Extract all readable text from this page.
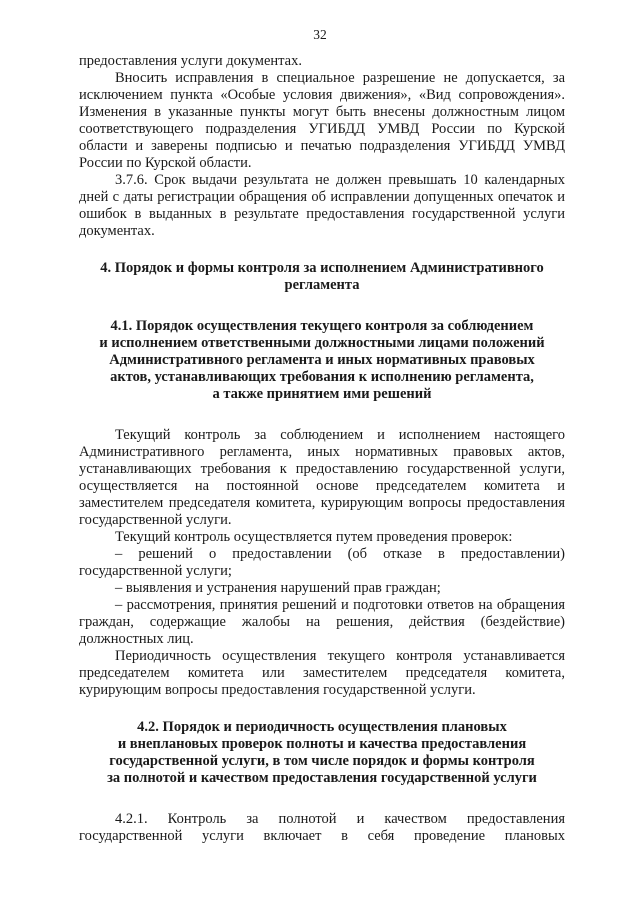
32

предоставления услуги документах.

Вносить исправления в специальное разрешение не допускается, за исключением пункта «Особые условия движения», «Вид сопровождения». Изменения в указанные пункты могут быть внесены должностным лицом соответствующего подразделения УГИБДД УМВД России по Курской области и заверены подписью и печатью подразделения УГИБДД УМВД России по Курской области.

3.7.6. Срок выдачи результата не должен превышать 10 календарных дней с даты регистрации обращения об исправлении допущенных опечаток и ошибок в выданных в результате предоставления государственной услуги документах.

4. Порядок и формы контроля за исполнением Административного
регламента
4.1. Порядок осуществления текущего контроля за соблюдением
и исполнением ответственными должностными лицами положений
Административного регламента и иных нормативных правовых
актов, устанавливающих требования к исполнению регламента,
а также принятием ими решений

Текущий контроль за соблюдением и исполнением настоящего Административного регламента, иных нормативных правовых актов, устанавливающих требования к предоставлению государственной услуги, осуществляется на постоянной основе председателем комитета и заместителем председателя комитета, курирующим вопросы предоставления государственной услуги.

Текущий контроль осуществляется путем проведения проверок:

– решений о предоставлении (об отказе в предоставлении) государственной услуги;

– выявления и устранения нарушений прав граждан;

– рассмотрения, принятия решений и подготовки ответов на обращения граждан, содержащие жалобы на решения, действия (бездействие) должностных лиц.

Периодичность осуществления текущего контроля устанавливается председателем комитета или заместителем председателя комитета, курирующим вопросы предоставления государственной услуги.

4.2. Порядок и периодичность осуществления плановых
и внеплановых проверок полноты и качества предоставления
государственной услуги, в том числе порядок и формы контроля
за полнотой и качеством предоставления государственной услуги

4.2.1. Контроль за полнотой и качеством предоставления государственной услуги включает в себя проведение плановых
